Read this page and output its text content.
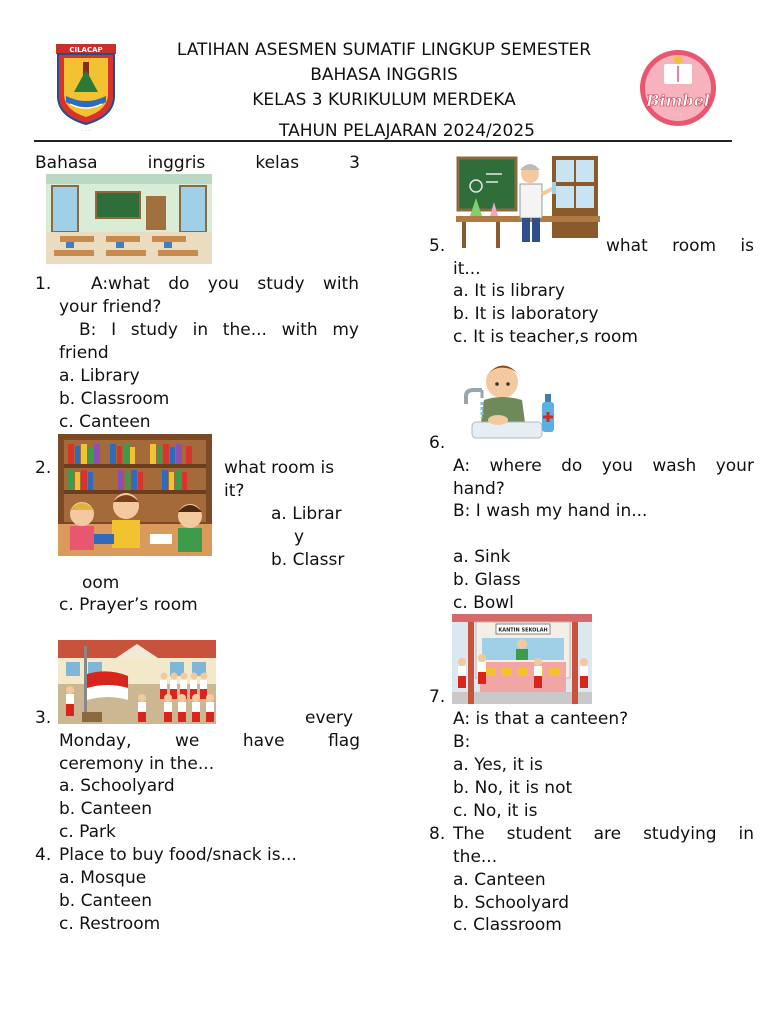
CILACAP
· · ·
LATIHAN ASESMEN SUMATIF LINGKUP SEMESTER
BAHASA INGGRIS
KELAS 3 KURIKULUM MERDEKA
TAHUN PELAJARAN 2024/2025
Bimbel
· · ·
Bahasa	inggris	kelas	3
1. A:what do you study with
your friend?
B: I study in the... with my
friend
a. Library
b. Classroom
c. Canteen
2.	what room is
it?
a. Librar
y
b. Classr
oom
c. Prayer’s room
3.	every
Monday,	we	have	flag
ceremony in the...
a. Schoolyard
b. Canteen
c. Park
4. Place to buy food/snack is...
a. Mosque
b. Canteen
c. Restroom
5.	what room is
it...
a. It is library
b. It is laboratory
c. It is teacher,s room
6.
A: where do you wash your
hand?
B: I wash my hand in...
a. Sink
b. Glass
c. Bowl
KANTIN SEKOLAH
7.
A: is that a canteen?
B:
a. Yes, it is
b. No, it is not
c. No, it is
8. The student are studying in
the...
a. Canteen
b. Schoolyard
c. Classroom
